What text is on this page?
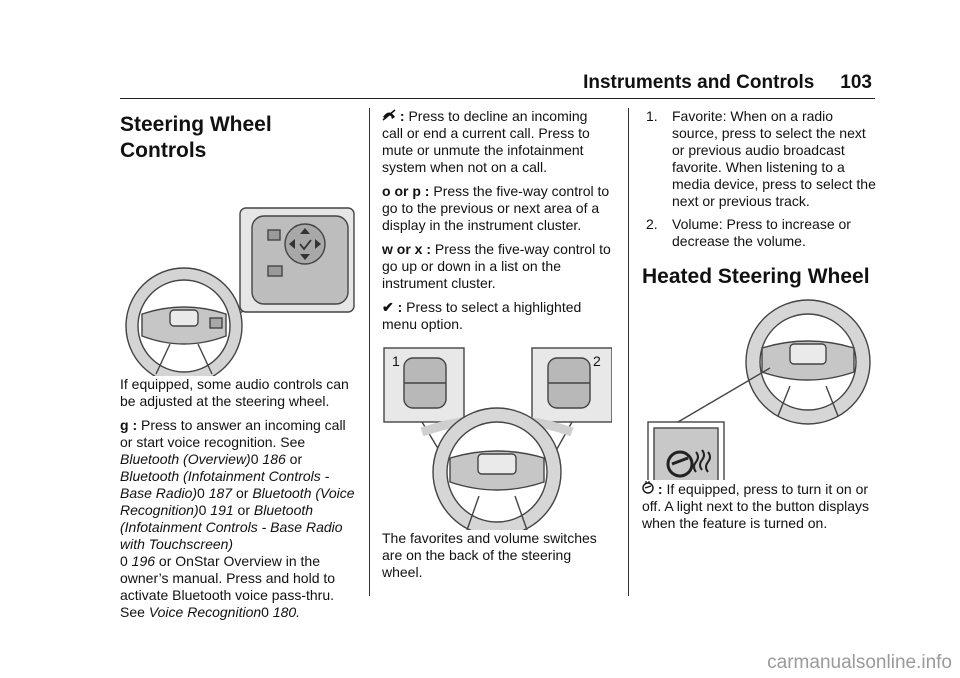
Instruments and Controls 103
Steering Wheel Controls

If equipped, some audio controls can be adjusted at the steering wheel.

g : Press to answer an incoming call or start voice recognition. See Bluetooth (Overview)0 186 or Bluetooth (Infotainment Controls - Base Radio)0 187 or Bluetooth (Voice Recognition)0 191 or Bluetooth (Infotainment Controls - Base Radio with Touchscreen)
0 196 or OnStar Overview in the owner’s manual. Press and hold to activate Bluetooth voice pass-thru. See Voice Recognition0 180.

: Press to decline an incoming call or end a current call. Press to mute or unmute the infotainment system when not on a call.

o or p : Press the five-way control to go to the previous or next area of a display in the instrument cluster.

w or x : Press the five-way control to go up or down in a list on the instrument cluster.

✔ : Press to select a highlighted menu option.

1	2

The favorites and volume switches are on the back of the steering wheel.

1. Favorite: When on a radio source, press to select the next or previous audio broadcast favorite. When listening to a media device, press to select the next or previous track.
2. Volume: Press to increase or decrease the volume.
Heated Steering Wheel

: If equipped, press to turn it on or off. A light next to the button displays when the feature is turned on.

carmanualsonline.info
